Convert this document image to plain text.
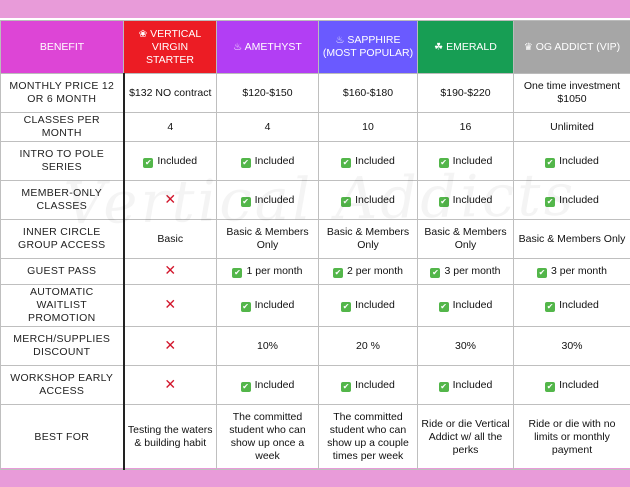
BENEFIT	❀ VERTICAL VIRGIN STARTER	♨ AMETHYST	♨ SAPPHIRE (MOST POPULAR)	☘ EMERALD	♛ OG ADDICT (VIP)
MONTHLY PRICE 12 OR 6 MONTH	$132 NO contract	$120-$150	$160-$180	$190-$220	One time investment $1050
CLASSES PER MONTH	4	4	10	16	Unlimited
INTRO TO POLE SERIES	✔ Included	✔ Included	✔ Included	✔ Included	✔ Included
MEMBER-ONLY CLASSES	✕	✔ Included	✔ Included	✔ Included	✔ Included
INNER CIRCLE GROUP ACCESS	Basic	Basic & Members Only	Basic & Members Only	Basic & Members Only	Basic & Members Only
GUEST PASS	✕	✔ 1 per month	✔ 2 per month	✔ 3 per month	✔ 3 per month
AUTOMATIC WAITLIST PROMOTION	✕	✔ Included	✔ Included	✔ Included	✔ Included
MERCH/SUPPLIES DISCOUNT	✕	10%	20 %	30%	30%
WORKSHOP EARLY ACCESS	✕	✔ Included	✔ Included	✔ Included	✔ Included
BEST FOR	Testing the waters & building habit	The committed student who can show up once a week	The committed student who can show up a couple times per week	Ride or die Vertical Addict w/ all the perks	Ride or die with no limits or monthly payment
